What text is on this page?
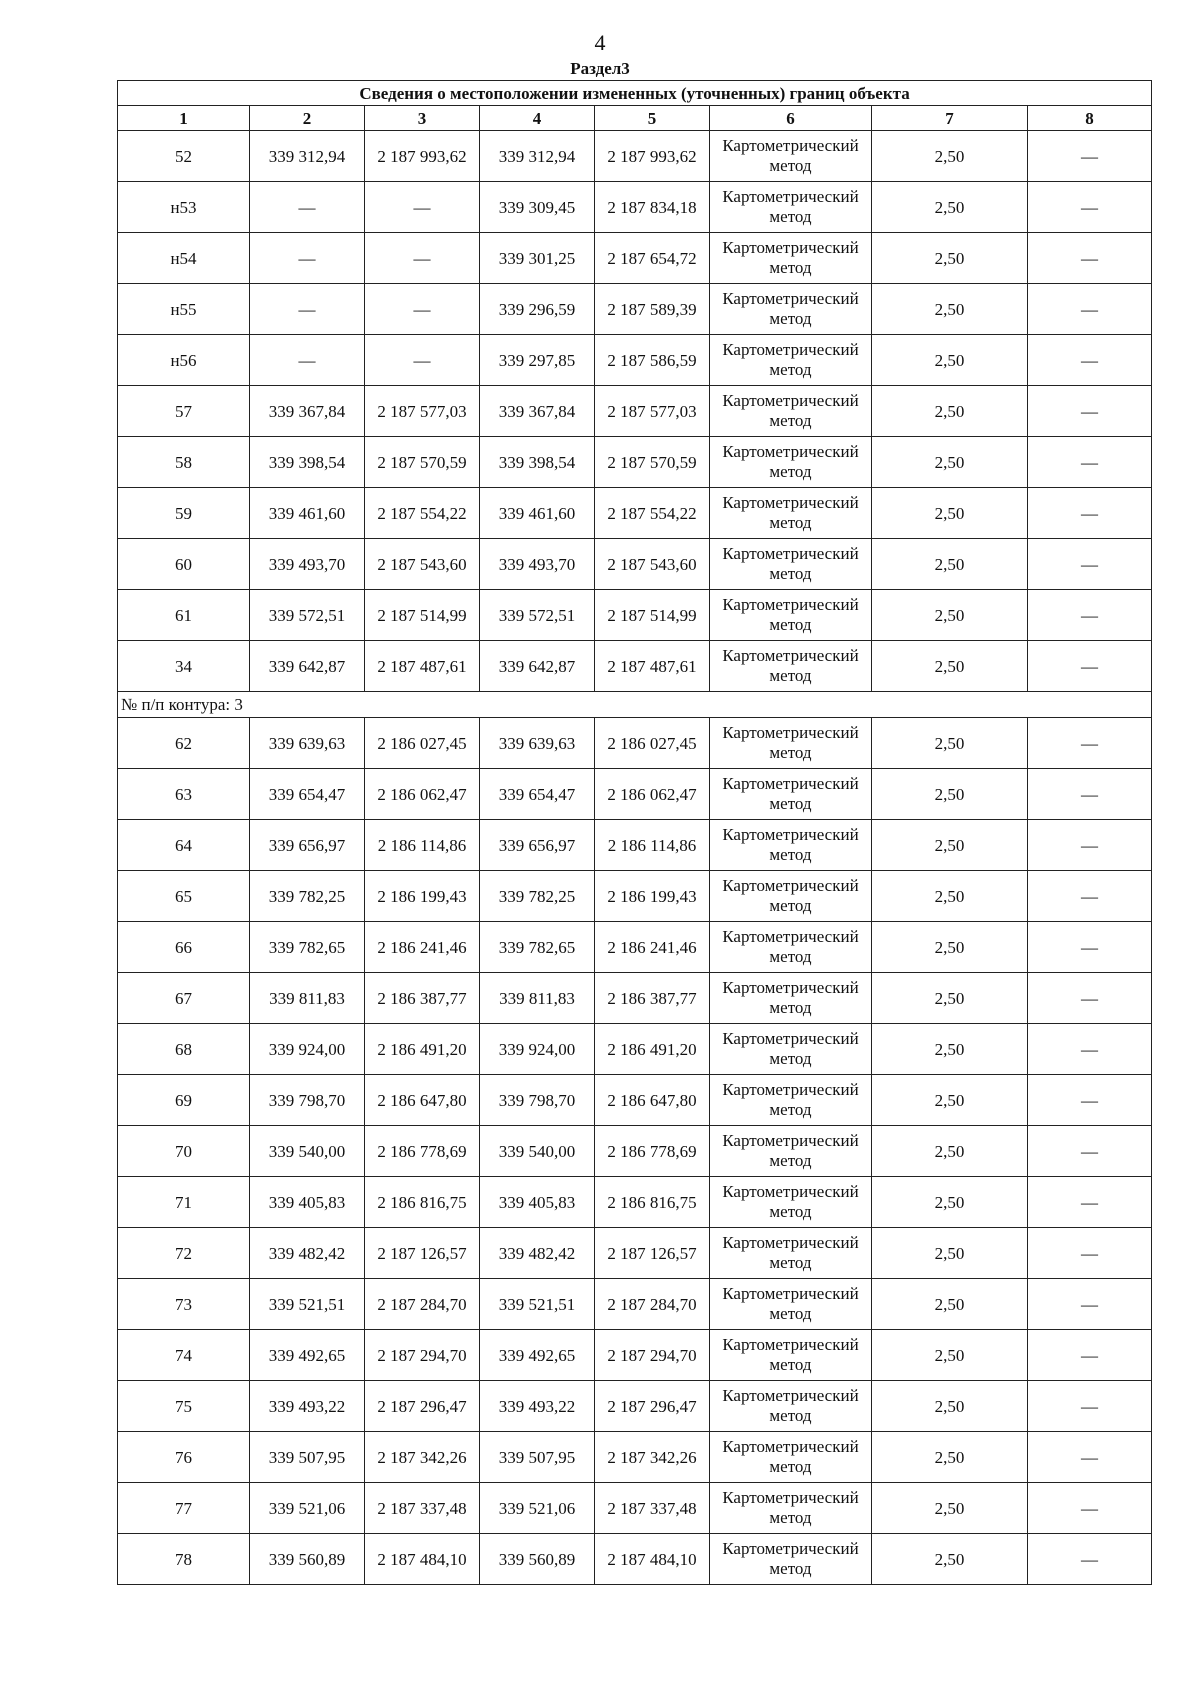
4
Раздел3
Сведения о местоположении измененных (уточненных) границ объекта							
1	2	3	4	5	6	7	8
52	339 312,94	2 187 993,62	339 312,94	2 187 993,62	Картометрический метод	2,50	—
н53	—	—	339 309,45	2 187 834,18	Картометрический метод	2,50	—
н54	—	—	339 301,25	2 187 654,72	Картометрический метод	2,50	—
н55	—	—	339 296,59	2 187 589,39	Картометрический метод	2,50	—
н56	—	—	339 297,85	2 187 586,59	Картометрический метод	2,50	—
57	339 367,84	2 187 577,03	339 367,84	2 187 577,03	Картометрический метод	2,50	—
58	339 398,54	2 187 570,59	339 398,54	2 187 570,59	Картометрический метод	2,50	—
59	339 461,60	2 187 554,22	339 461,60	2 187 554,22	Картометрический метод	2,50	—
60	339 493,70	2 187 543,60	339 493,70	2 187 543,60	Картометрический метод	2,50	—
61	339 572,51	2 187 514,99	339 572,51	2 187 514,99	Картометрический метод	2,50	—
34	339 642,87	2 187 487,61	339 642,87	2 187 487,61	Картометрический метод	2,50	—
№ п/п контура: 3							
62	339 639,63	2 186 027,45	339 639,63	2 186 027,45	Картометрический метод	2,50	—
63	339 654,47	2 186 062,47	339 654,47	2 186 062,47	Картометрический метод	2,50	—
64	339 656,97	2 186 114,86	339 656,97	2 186 114,86	Картометрический метод	2,50	—
65	339 782,25	2 186 199,43	339 782,25	2 186 199,43	Картометрический метод	2,50	—
66	339 782,65	2 186 241,46	339 782,65	2 186 241,46	Картометрический метод	2,50	—
67	339 811,83	2 186 387,77	339 811,83	2 186 387,77	Картометрический метод	2,50	—
68	339 924,00	2 186 491,20	339 924,00	2 186 491,20	Картометрический метод	2,50	—
69	339 798,70	2 186 647,80	339 798,70	2 186 647,80	Картометрический метод	2,50	—
70	339 540,00	2 186 778,69	339 540,00	2 186 778,69	Картометрический метод	2,50	—
71	339 405,83	2 186 816,75	339 405,83	2 186 816,75	Картометрический метод	2,50	—
72	339 482,42	2 187 126,57	339 482,42	2 187 126,57	Картометрический метод	2,50	—
73	339 521,51	2 187 284,70	339 521,51	2 187 284,70	Картометрический метод	2,50	—
74	339 492,65	2 187 294,70	339 492,65	2 187 294,70	Картометрический метод	2,50	—
75	339 493,22	2 187 296,47	339 493,22	2 187 296,47	Картометрический метод	2,50	—
76	339 507,95	2 187 342,26	339 507,95	2 187 342,26	Картометрический метод	2,50	—
77	339 521,06	2 187 337,48	339 521,06	2 187 337,48	Картометрический метод	2,50	—
78	339 560,89	2 187 484,10	339 560,89	2 187 484,10	Картометрический метод	2,50	—
